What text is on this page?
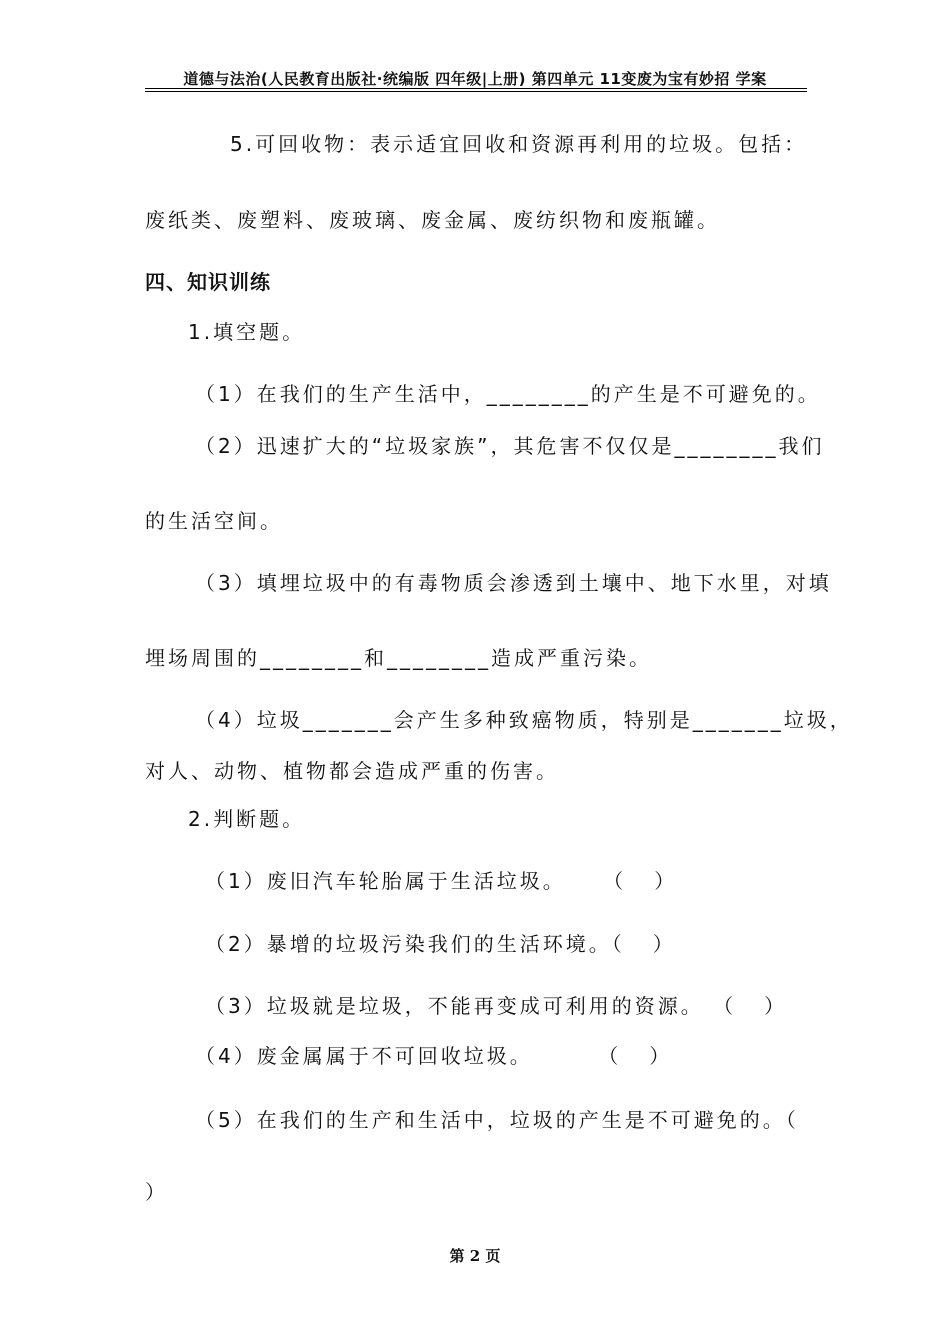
道德与法治(人民教育出版社·统编版 四年级|上册) 第四单元 11变废为宝有妙招 学案
5.可回收物：表示适宜回收和资源再利用的垃圾。包括：
废纸类、废塑料、废玻璃、废金属、废纺织物和废瓶罐。
四、知识训练
1.填空题。
（1）在我们的生产生活中，________的产生是不可避免的。
（2）迅速扩大的“垃圾家族”，其危害不仅仅是________我们
的生活空间。
（3）填埋垃圾中的有毒物质会渗透到土壤中、地下水里，对填
埋场周围的________和________造成严重污染。
（4）垃圾_______会产生多种致癌物质，特别是_______垃圾，
对人、动物、植物都会造成严重的伤害。
2.判断题。
（1）废旧汽车轮胎属于生活垃圾。    （   ）
（2）暴增的垃圾污染我们的生活环境。（   ）
（3）垃圾就是垃圾，不能再变成可利用的资源。 （   ）
（4）废金属属于不可回收垃圾。       （   ）
（5）在我们的生产和生活中，垃圾的产生是不可避免的。（
）
第 2 页
